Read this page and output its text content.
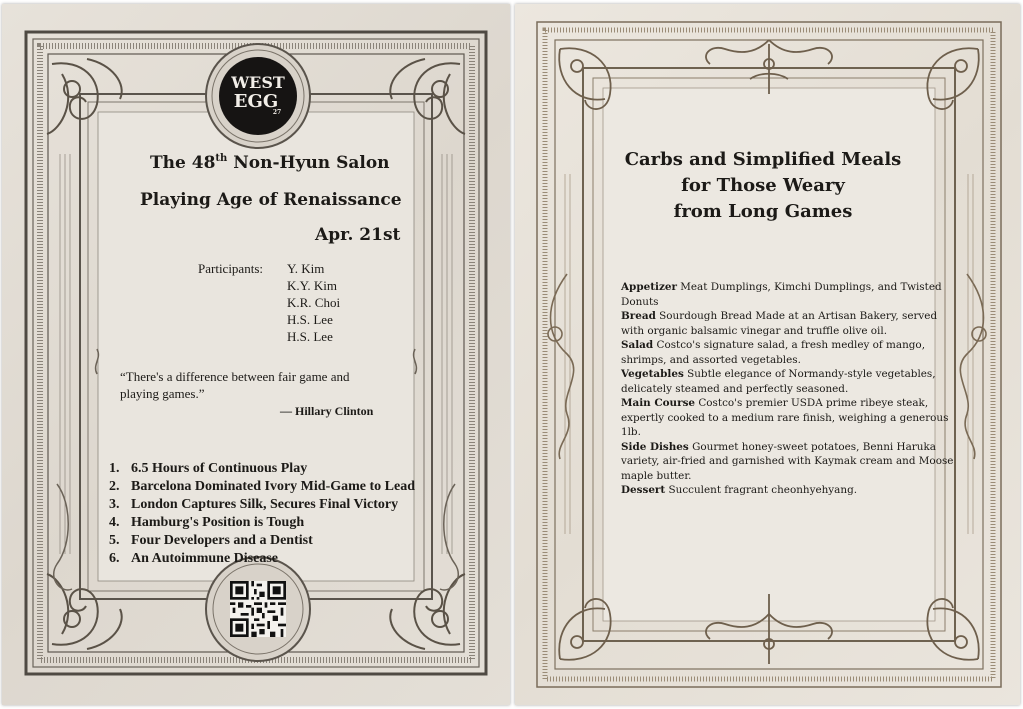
WEST
EGG
27
The 48th Non-Hyun Salon
Playing Age of Renaissance
Apr. 21st
Participants: Y. Kim
K.Y. Kim
K.R. Choi
H.S. Lee
H.S. Lee
“There's a difference between fair game and playing games.”
— Hillary Clinton
1. 6.5 Hours of Continuous Play
2. Barcelona Dominated Ivory Mid-Game to Lead
3. London Captures Silk, Secures Final Victory
4. Hamburg's Position is Tough
5. Four Developers and a Dentist
6. An Autoimmune Disease
Carbs and Simplified Meals
for Those Weary
from Long Games
Appetizer Meat Dumplings, Kimchi Dumplings, and Twisted Donuts
Bread Sourdough Bread Made at an Artisan Bakery, served with organic balsamic vinegar and truffle olive oil.
Salad Costco's signature salad, a fresh medley of mango, shrimps, and assorted vegetables.
Vegetables Subtle elegance of Normandy-style vegetables, delicately steamed and perfectly seasoned.
Main Course Costco's premier USDA prime ribeye steak, expertly cooked to a medium rare finish, weighing a generous 1lb.
Side Dishes Gourmet honey-sweet potatoes, Benni Haruka variety, air-fried and garnished with Kaymak cream and Moose maple butter.
Dessert Succulent fragrant cheonhyehyang.
